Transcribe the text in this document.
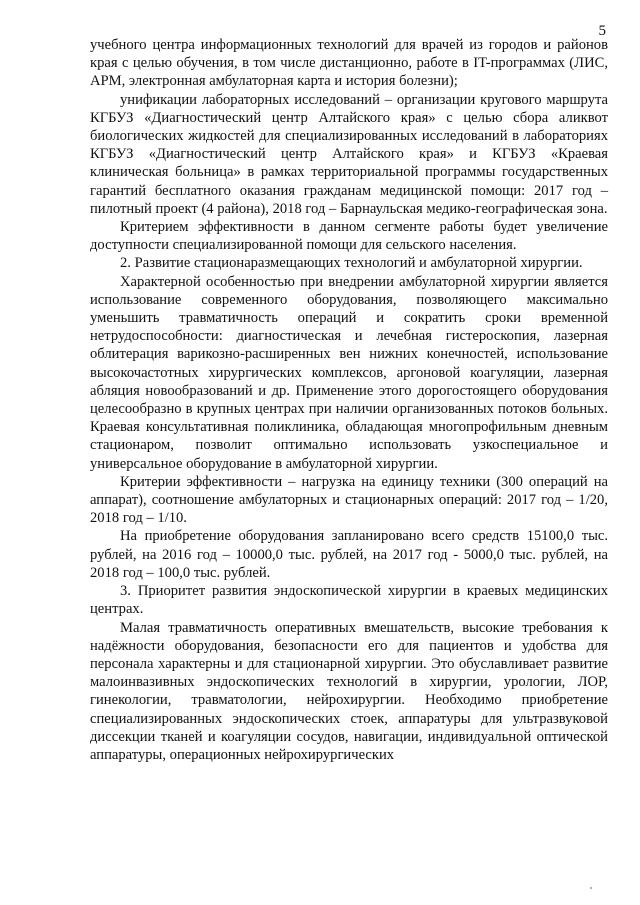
5

учебного центра информационных технологий для врачей из городов и районов края с целью обучения, в том числе дистанционно, работе в IT-программах (ЛИС, АРМ, электронная амбулаторная карта и история болезни);

унификации лабораторных исследований – организации кругового маршрута КГБУЗ «Диагностический центр Алтайского края» с целью сбора аликвот биологических жидкостей для специализированных исследований в лабораториях КГБУЗ «Диагностический центр Алтайского края» и КГБУЗ «Краевая клиническая больница» в рамках территориальной программы государственных гарантий бесплатного оказания гражданам медицинской помощи: 2017 год – пилотный проект (4 района), 2018 год – Барнаульская медико-географическая зона.

Критерием эффективности в данном сегменте работы будет увеличение доступности специализированной помощи для сельского населения.

2. Развитие стационаразмещающих технологий и амбулаторной хирургии.

Характерной особенностью при внедрении амбулаторной хирургии является использование современного оборудования, позволяющего максимально уменьшить травматичность операций и сократить сроки временной нетрудоспособности: диагностическая и лечебная гистероскопия, лазерная облитерация варикозно-расширенных вен нижних конечностей, использование высокочастотных хирургических комплексов, аргоновой коагуляции, лазерная абляция новообразований и др. Применение этого дорогостоящего оборудования целесообразно в крупных центрах при наличии организованных потоков больных. Краевая консультативная поликлиника, обладающая многопрофильным дневным стационаром, позволит оптимально использовать узкоспециальное и универсальное оборудование в амбулаторной хирургии.

Критерии эффективности – нагрузка на единицу техники (300 операций на аппарат), соотношение амбулаторных и стационарных операций: 2017 год – 1/20, 2018 год – 1/10.

На приобретение оборудования запланировано всего средств 15100,0 тыс. рублей, на 2016 год – 10000,0 тыс. рублей, на 2017 год - 5000,0 тыс. рублей, на 2018 год – 100,0 тыс. рублей.

3. Приоритет развития эндоскопической хирургии в краевых медицинских центрах.

Малая травматичность оперативных вмешательств, высокие требования к надёжности оборудования, безопасности его для пациентов и удобства для персонала характерны и для стационарной хирургии. Это обуславливает развитие малоинвазивных эндоскопических технологий в хирургии, урологии, ЛОР, гинекологии, травматологии, нейрохирургии. Необходимо приобретение специализированных эндоскопических стоек, аппаратуры для ультразвуковой диссекции тканей и коагуляции сосудов, навигации, индивидуальной оптической аппаратуры, операционных нейрохирургических
